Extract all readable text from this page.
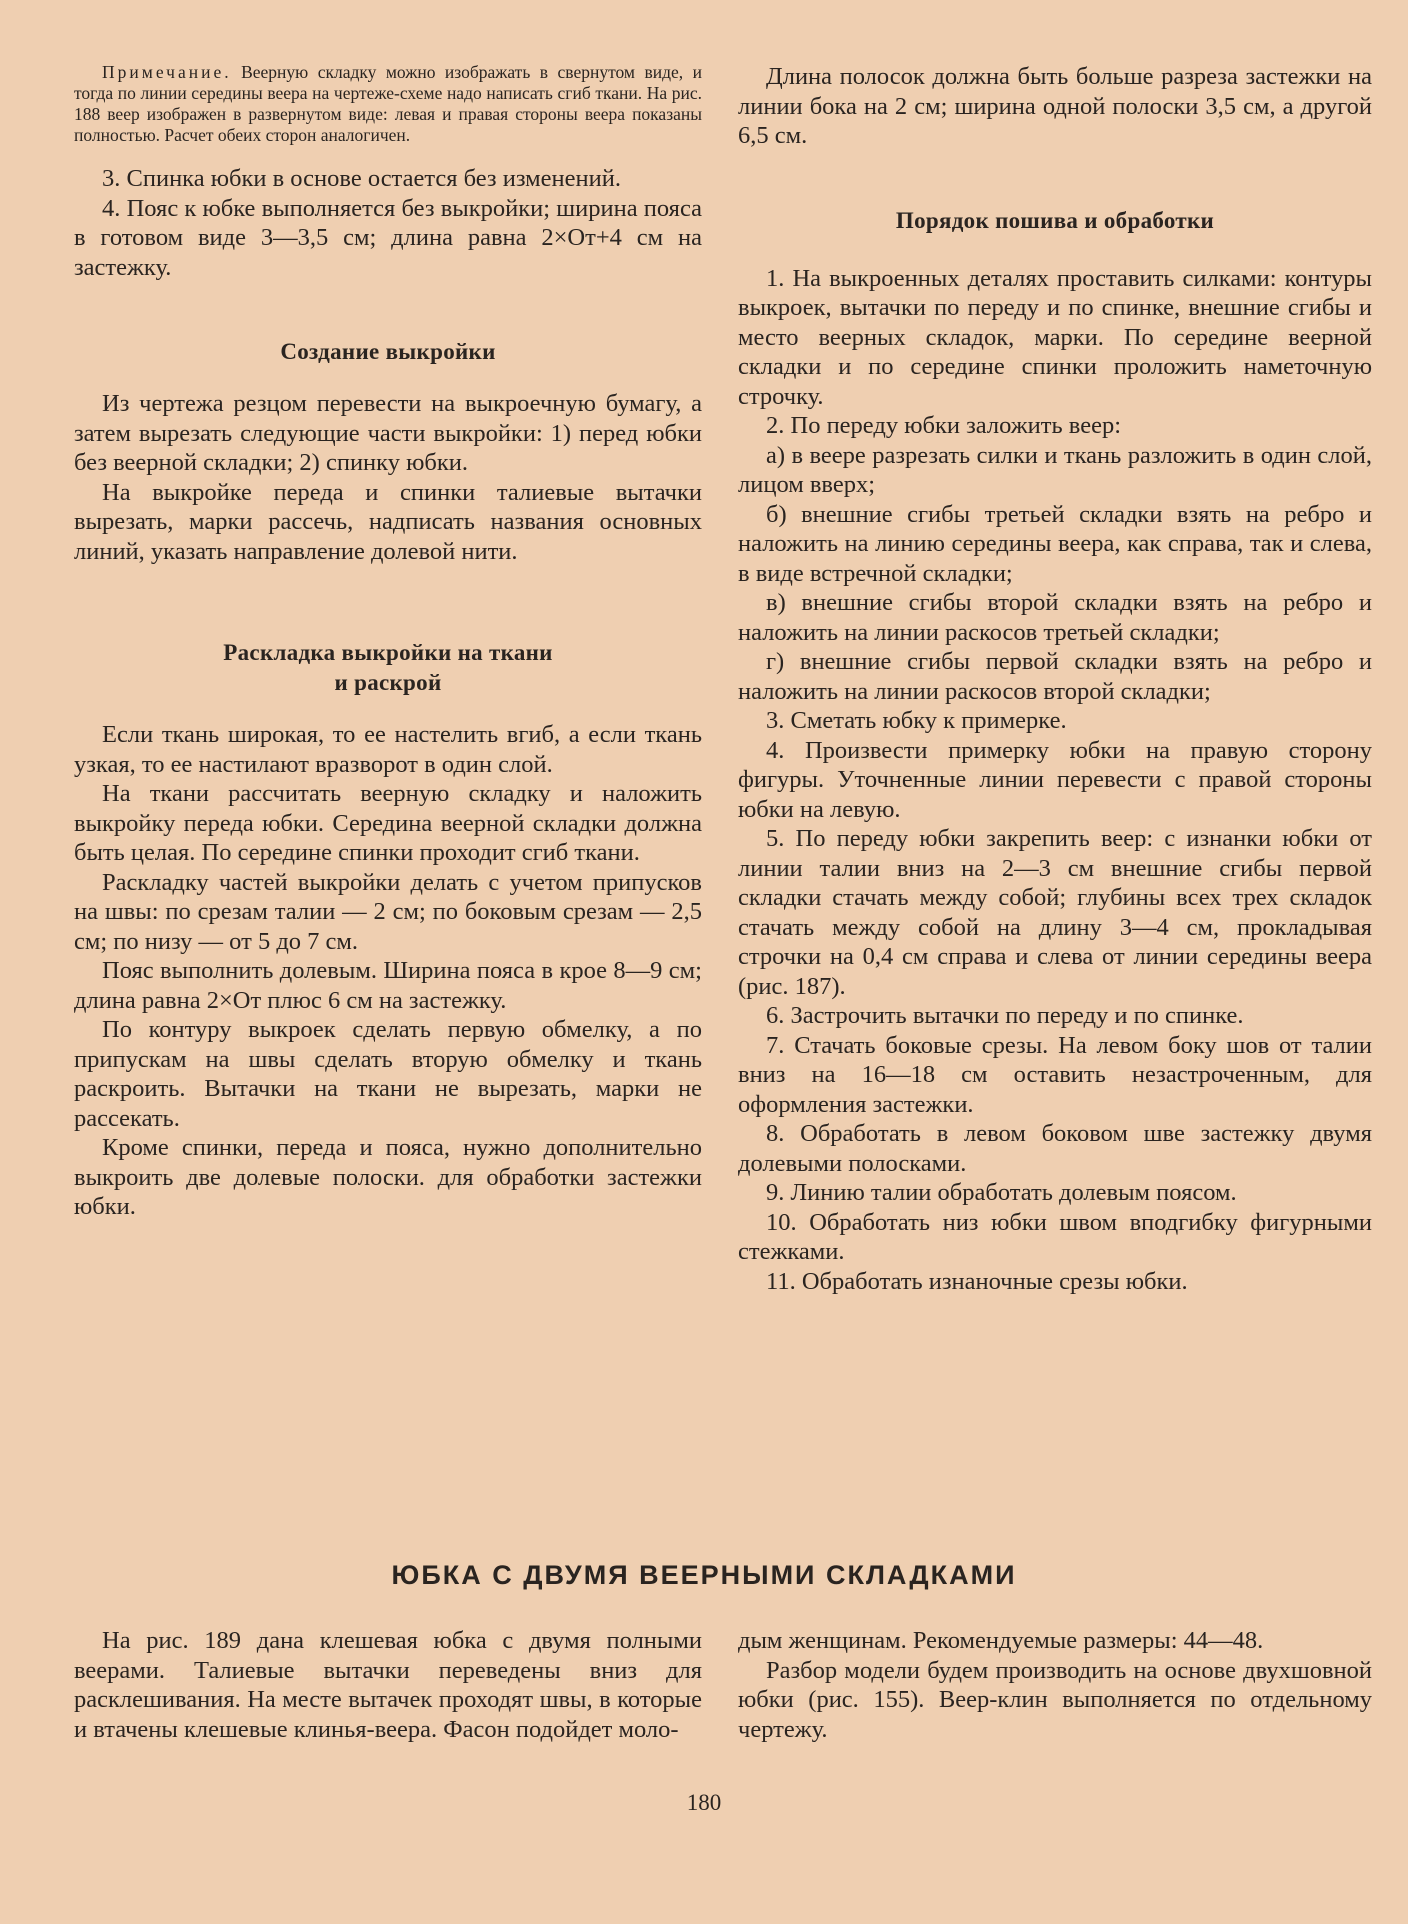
Примечание. Веерную складку можно изображать в свернутом виде, и тогда по линии середины веера на чертеже-схеме надо написать сгиб ткани. На рис. 188 веер изображен в развернутом виде: левая и правая стороны веера показаны полностью. Расчет обеих сторон аналогичен.

3. Спинка юбки в основе остается без изменений.

4. Пояс к юбке выполняется без выкройки; ширина пояса в готовом виде 3—3,5 см; длина равна 2×От+4 см на застежку.

Создание выкройки

Из чертежа резцом перевести на выкроечную бумагу, а затем вырезать следующие части выкройки: 1) перед юбки без веерной складки; 2) спинку юбки.

На выкройке переда и спинки талиевые вытачки вырезать, марки рассечь, надписать названия основных линий, указать направление долевой нити.

Раскладка выкройки на ткани
и раскрой

Если ткань широкая, то ее настелить вгиб, а если ткань узкая, то ее настилают вразворот в один слой.

На ткани рассчитать веерную складку и наложить выкройку переда юбки. Середина веерной складки должна быть целая. По середине спинки проходит сгиб ткани.

Раскладку частей выкройки делать с учетом припусков на швы: по срезам талии — 2 см; по боковым срезам — 2,5 см; по низу — от 5 до 7 см.

Пояс выполнить долевым. Ширина пояса в крое 8—9 см; длина равна 2×От плюс 6 см на застежку.

По контуру выкроек сделать первую обмелку, а по припускам на швы сделать вторую обмелку и ткань раскроить. Вытачки на ткани не вырезать, марки не рассекать.

Кроме спинки, переда и пояса, нужно дополнительно выкроить две долевые полоски. для обработки застежки юбки.

Длина полосок должна быть больше разреза застежки на линии бока на 2 см; ширина одной полоски 3,5 см, а другой 6,5 см.

Порядок пошива и обработки

1. На выкроенных деталях проставить силками: контуры выкроек, вытачки по переду и по спинке, внешние сгибы и место веерных складок, марки. По середине веерной складки и по середине спинки проложить наметочную строчку.

2. По переду юбки заложить веер:

а) в веере разрезать силки и ткань разложить в один слой, лицом вверх;

б) внешние сгибы третьей складки взять на ребро и наложить на линию середины веера, как справа, так и слева, в виде встречной складки;

в) внешние сгибы второй складки взять на ребро и наложить на линии раскосов третьей складки;

г) внешние сгибы первой складки взять на ребро и наложить на линии раскосов второй складки;

3. Сметать юбку к примерке.

4. Произвести примерку юбки на правую сторону фигуры. Уточненные линии перевести с правой стороны юбки на левую.

5. По переду юбки закрепить веер: с изнанки юбки от линии талии вниз на 2—3 см внешние сгибы первой складки стачать между собой; глубины всех трех складок стачать между собой на длину 3—4 см, прокладывая строчки на 0,4 см справа и слева от линии середины веера (рис. 187).

6. Застрочить вытачки по переду и по спинке.

7. Стачать боковые срезы. На левом боку шов от талии вниз на 16—18 см оставить незастроченным, для оформления застежки.

8. Обработать в левом боковом шве застежку двумя долевыми полосками.

9. Линию талии обработать долевым поясом.

10. Обработать низ юбки швом вподгибку фигурными стежками.

11. Обработать изнаночные срезы юбки.

ЮБКА С ДВУМЯ ВЕЕРНЫМИ СКЛАДКАМИ

На рис. 189 дана клешевая юбка с двумя полными веерами. Талиевые вытачки переведены вниз для расклешивания. На месте вытачек проходят швы, в которые и втачены клешевые клинья-веера. Фасон подойдет моло-

дым женщинам. Рекомендуемые размеры: 44—48.

Разбор модели будем производить на основе двухшовной юбки (рис. 155). Веер-клин выполняется по отдельному чертежу.

180
